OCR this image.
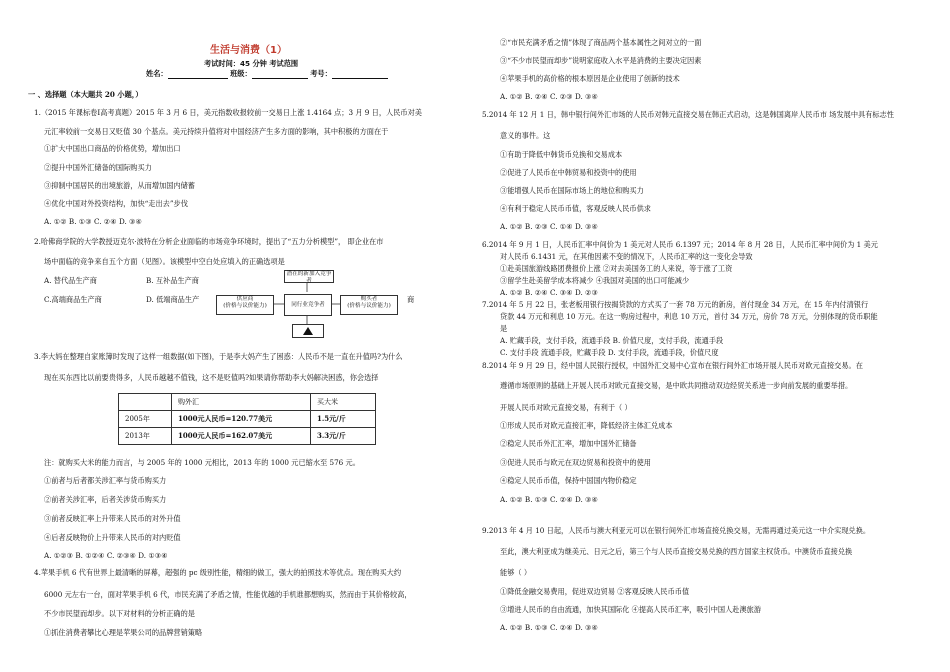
生活与消费（1）
考试时间：45 分钟 考试范围
姓名：	班级：	考号：
一 、选择题（本大题共 20 小题，）
1.（2015 年课标卷Ⅰ高考真题）2015 年 3 月 6 日，美元指数收报较前一交易日上涨 1.4164 点；3 月 9 日，人民币对美
元汇率较前一交易日又贬值 30 个基点。美元持续升值将对中国经济产生多方面的影响，其中积极的方面在于
①扩大中国出口商品的价格优势，增加出口
②提升中国外汇储备的国际购买力
③抑制中国居民的出境旅游，从而增加国内储蓄
④优化中国对外投资结构，加快“走出去”步伐
A. ①② B. ①③ C. ②④ D. ③④
2.哈佛商学院的大学教授迈克尔·波特在分析企业面临的市场竞争环境时，提出了“五力分析模型”， 即企业在市
场中面临的竞争来自五个方面（见图）。该模型中空白处应填入的正确选项是
A. 替代品生产商	B. 互补品生产商
C.高端商品生产商	D. 低端商品生产	商
潜在的新加入竞争者
供应商
(价格与议价能力)	同行业竞争者
购买者
(价格与议价能力)
3.李大妈在整理自家账簿时发现了这样一组数据(如下图)，于是李大妈产生了困惑：人民币不是一直在升值吗?为什么
现在买东西比以前要贵得多，人民币越越不值钱，这不是贬值吗?如果请你帮助李大妈解决困惑，你会选择
	购外汇	买大米
2005年	1000元人民币=120.77美元	1.5元/斤
2013年	1000元人民币=162.07美元	3.3元/斤
注：就购买大米的能力而言，与 2005 年的 1000 元相比，2013 年的 1000 元已缩水至 576 元。
①前者与后者都关涉汇率与货币购买力
②前者关涉汇率，后者关涉货币购买力
③前者反映汇率上升带来人民币的对外升值
④后者反映物价上升带来人民币的对内贬值
A. ①②③ B. ①②④ C. ②③④ D. ①③④
4.苹果手机 6 代有世界上最清晰的屏幕，超强的 pc 级别性能，精细的做工，强大的拍照技术等优点。现在购买大约
6000 元左右一台，面对苹果手机 6 代，市民充满了矛盾之情，性能优越的手机谁都想购买，然而由于其价格较高，
不少市民望而却步。以下对材料的分析正确的是
①抓住消费者攀比心理是苹果公司的品牌营销策略
②“市民充满矛盾之情”体现了商品两个基本属性之间对立的一面
③“不少市民望而却步”说明家庭收入水平是消费的主要决定因素
④苹果手机的高价格的根本原因是企业使用了创新的技术
A. ①② B. ②④ C. ②③ D. ③④
5.2014 年 12 月 1 日，韩中银行间外汇市场的人民币对韩元直接交易在韩正式启动，这是韩国离岸人民币市 场发展中具有标志性
意义的事件。这
①有助于降低中韩货币兑换和交易成本
②促进了人民币在中韩贸易和投资中的使用
③能增强人民币在国际市场上的地位和购买力
④有利于稳定人民币币值，客观反映人民币供求
A. ①② B. ②③ C. ①④ D. ③④
6.2014 年 9 月 1 日，人民币汇率中间价为 1 美元对人民币 6.1397 元；2014 年 8 月 28 日，人民币汇率中间价为 1 美元
对人民币 6.1431 元，在其他因素不变的情况下，人民币汇率的这一变化会导致
①赴美国旅游线路团费报价上涨 ②对去美国务工的人来说，等于涨了工资
③留学生赴美留学成本将减少 ④我国对美国的出口可能减少
A. ①② B. ②④ C. ③④ D. ②③
7.2014 年 5 月 22 日，张老板用银行按揭贷款的方式买了一套 78 万元的新房，首付现金 34 万元，在 15 年内付清银行
贷款 44 万元和利息 10 万元。在这一购房过程中，利息 10 万元，首付 34 万元，房价 78 万元，分别体现的货币职能
是
A. 贮藏手段，支付手段，流通手段 B. 价值尺度，支付手段，流通手段
C. 支付手段 流通手段，贮藏手段 D. 支付手段，流通手段，价值尺度
8.2014 年 9 月 29 日，经中国人民银行授权，中国外汇交易中心宣布在银行间外汇市场开展人民币对欧元直接交易。在
遵循市场原则的基础上开展人民币对欧元直接交易，是中欧共同推动双边经贸关系进一步向前发展的重要举措。
开展人民币对欧元直接交易，有利于（ ）
①形成人民币对欧元直接汇率，降低经济主体汇兑成本
②稳定人民币外汇汇率，增加中国外汇储备
③促进人民币与欧元在双边贸易和投资中的使用
④稳定人民币币值，保持中国国内物价稳定
A. ①② B. ①③ C. ②④ D. ③④
9.2013 年 4 月 10 日起，人民币与澳大利亚元可以在银行间外汇市场直接兑换交易，无需再通过美元这一中介实现兑换。
至此，澳大利亚成为继美元、日元之后，第三个与人民币直接交易兑换的西方国家主权货币。中澳货币直接兑换
能够（ ）
①降低金融交易费用，促进双边贸易 ②客观反映人民币币值
③增进人民币的自由流通，加快其国际化 ④提高人民币汇率，吸引中国人赴澳旅游
A. ①② B. ①③ C. ②④ D. ③④
